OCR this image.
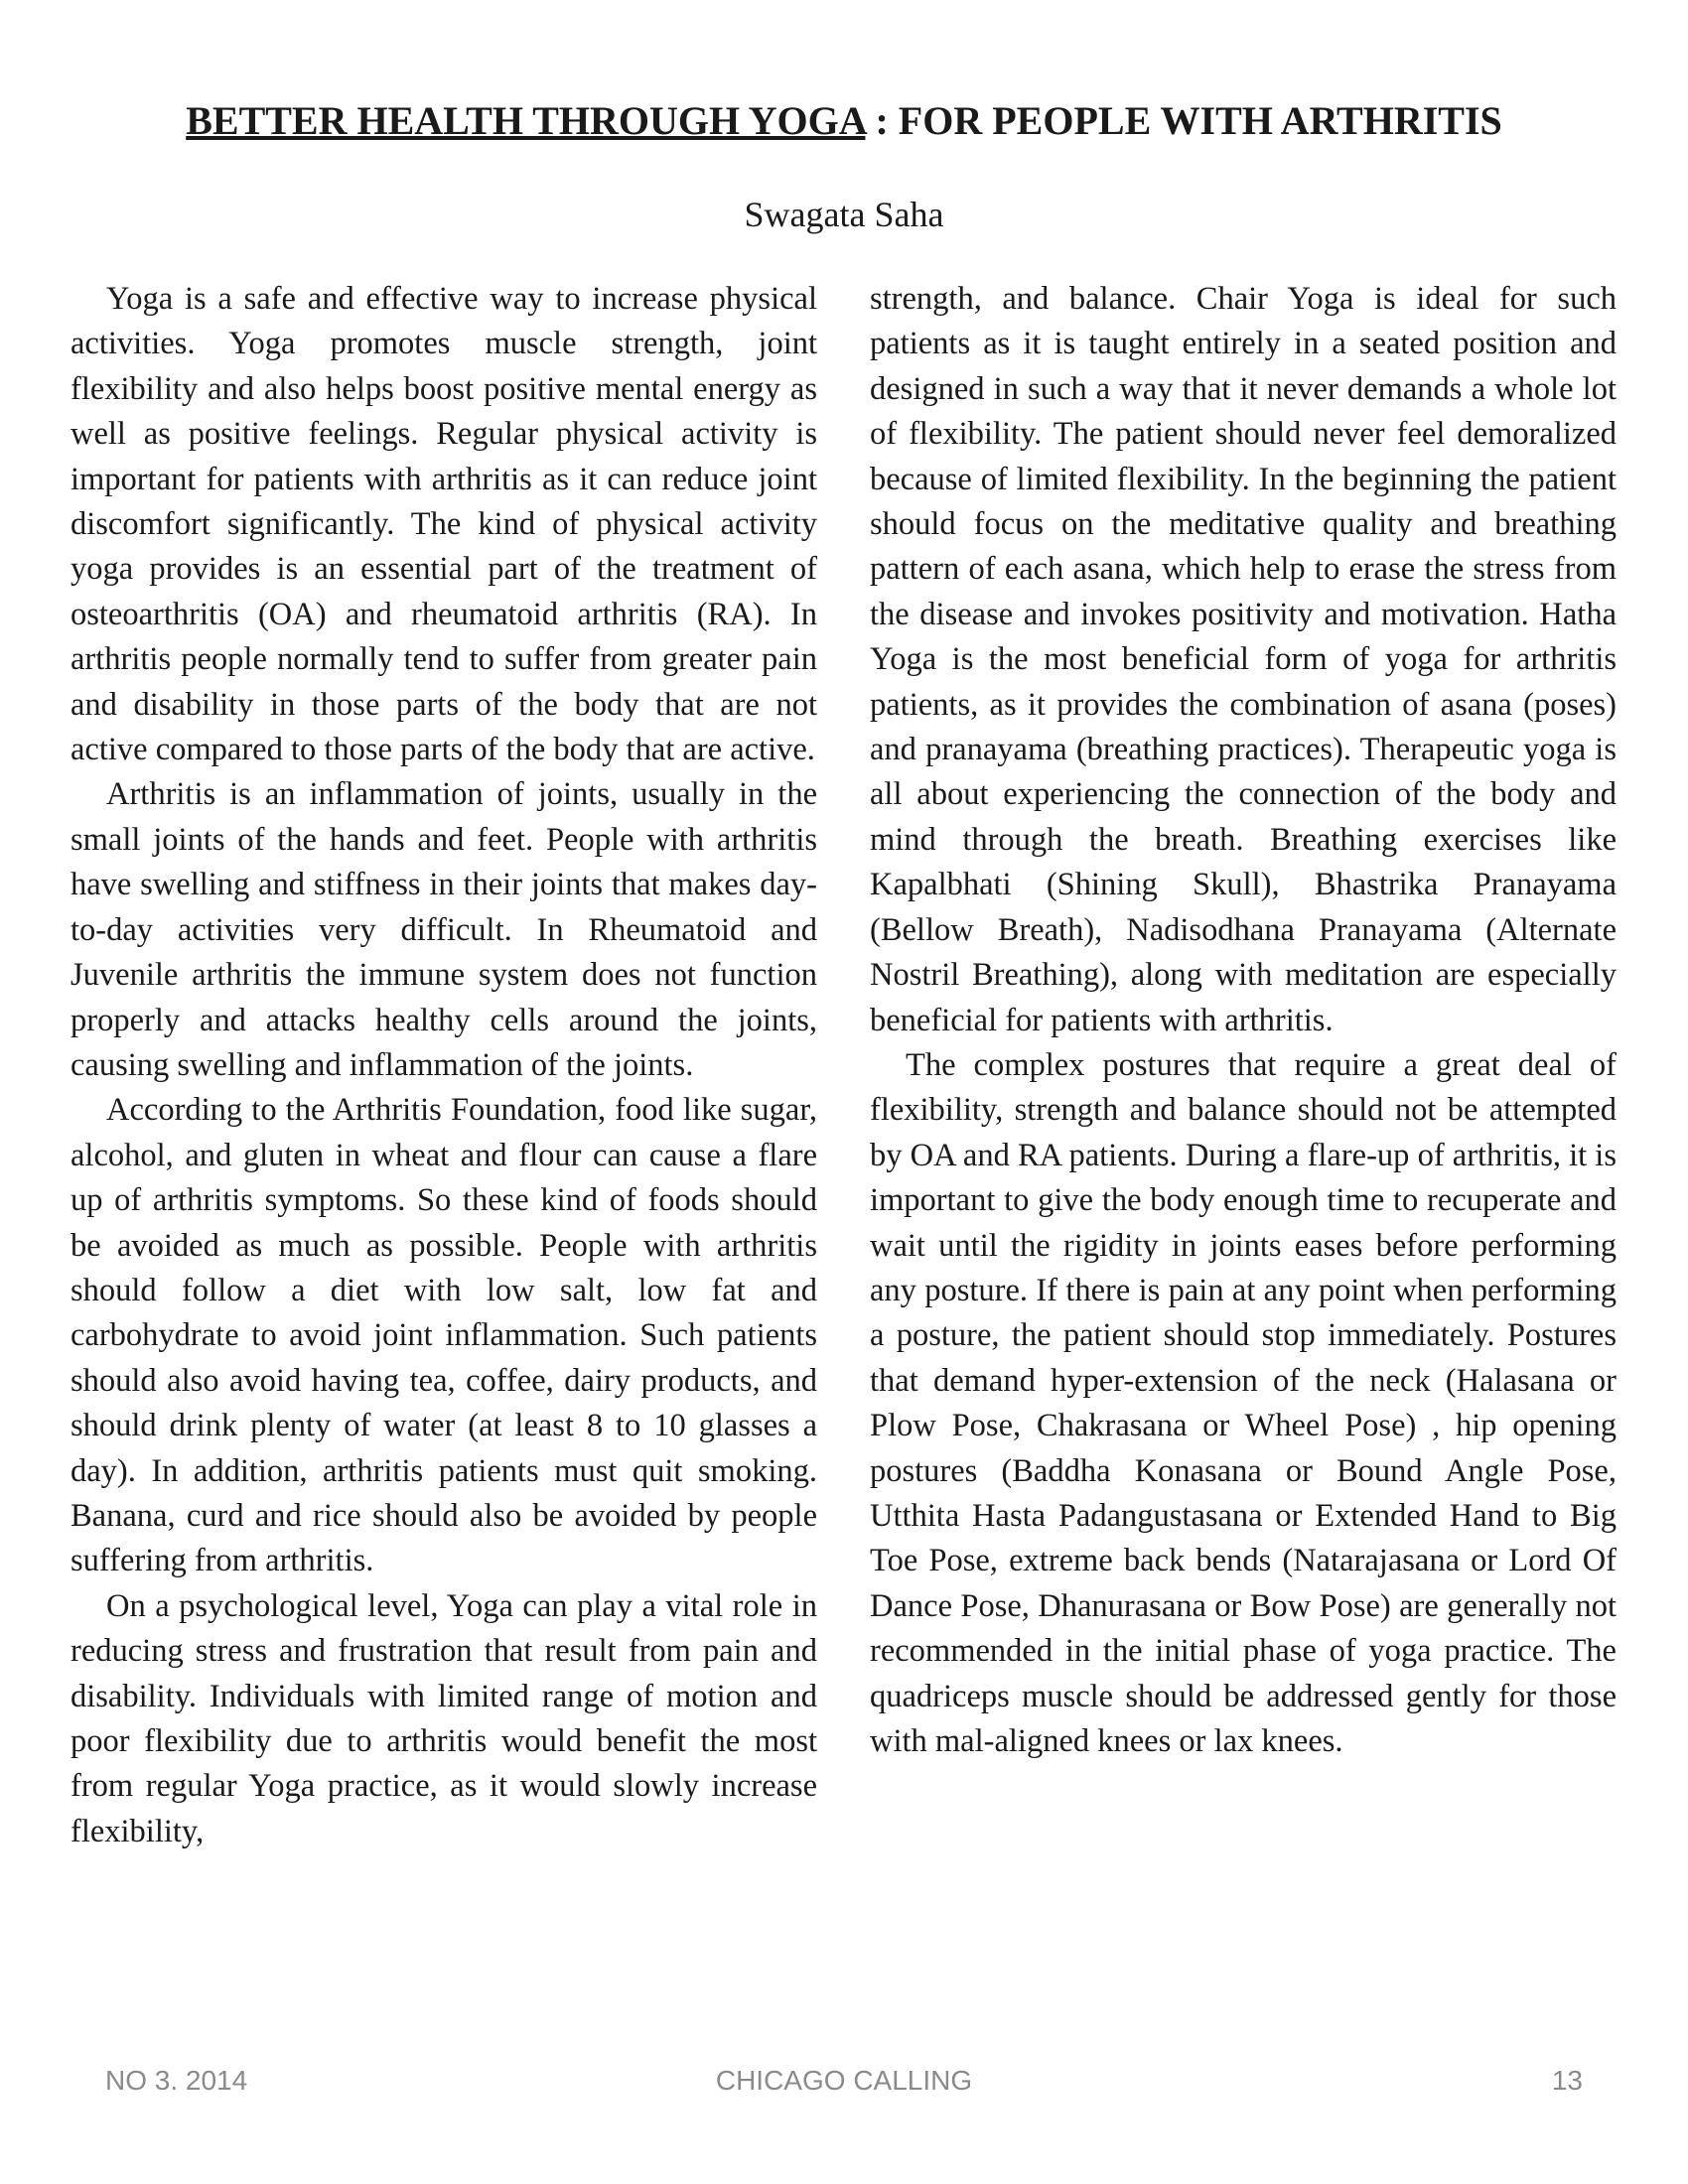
BETTER HEALTH THROUGH YOGA : FOR PEOPLE WITH ARTHRITIS
Swagata Saha

Yoga is a safe and effective way to increase physical activities. Yoga promotes muscle strength, joint flexibility and also helps boost positive mental energy as well as positive feelings. Regular physical activity is important for patients with arthritis as it can reduce joint discomfort significantly. The kind of physical activity yoga provides is an essential part of the treatment of osteoarthritis (OA) and rheumatoid arthritis (RA). In arthritis people normally tend to suffer from greater pain and disability in those parts of the body that are not active compared to those parts of the body that are active.

Arthritis is an inflammation of joints, usually in the small joints of the hands and feet. People with arthritis have swelling and stiffness in their joints that makes day-to-day activities very difficult. In Rheumatoid and Juvenile arthritis the immune system does not function properly and attacks healthy cells around the joints, causing swelling and inflammation of the joints.

According to the Arthritis Foundation, food like sugar, alcohol, and gluten in wheat and flour can cause a flare up of arthritis symptoms. So these kind of foods should be avoided as much as possible. People with arthritis should follow a diet with low salt, low fat and carbohydrate to avoid joint inflammation. Such patients should also avoid having tea, coffee, dairy products, and should drink plenty of water (at least 8 to 10 glasses a day). In addition, arthritis patients must quit smoking. Banana, curd and rice should also be avoided by people suffering from arthritis.

On a psychological level, Yoga can play a vital role in reducing stress and frustration that result from pain and disability. Individuals with limited range of motion and poor flexibility due to arthritis would benefit the most from regular Yoga practice, as it would slowly increase flexibility,

strength, and balance. Chair Yoga is ideal for such patients as it is taught entirely in a seated position and designed in such a way that it never demands a whole lot of flexibility. The patient should never feel demoralized because of limited flexibility. In the beginning the patient should focus on the meditative quality and breathing pattern of each asana, which help to erase the stress from the disease and invokes positivity and motivation. Hatha Yoga is the most beneficial form of yoga for arthritis patients, as it provides the combination of asana (poses) and pranayama (breathing practices). Therapeutic yoga is all about experiencing the connection of the body and mind through the breath. Breathing exercises like Kapalbhati (Shining Skull), Bhastrika Pranayama (Bellow Breath), Nadisodhana Pranayama (Alternate Nostril Breathing), along with meditation are especially beneficial for patients with arthritis.

The complex postures that require a great deal of flexibility, strength and balance should not be attempted by OA and RA patients. During a flare-up of arthritis, it is important to give the body enough time to recuperate and wait until the rigidity in joints eases before performing any posture. If there is pain at any point when performing a posture, the patient should stop immediately. Postures that demand hyper-extension of the neck (Halasana or Plow Pose, Chakrasana or Wheel Pose) , hip opening postures (Baddha Konasana or Bound Angle Pose, Utthita Hasta Padangustasana or Extended Hand to Big Toe Pose, extreme back bends (Natarajasana or Lord Of Dance Pose, Dhanurasana or Bow Pose) are generally not recommended in the initial phase of yoga practice. The quadriceps muscle should be addressed gently for those with mal-aligned knees or lax knees.

NO 3. 2014	CHICAGO CALLING	13
